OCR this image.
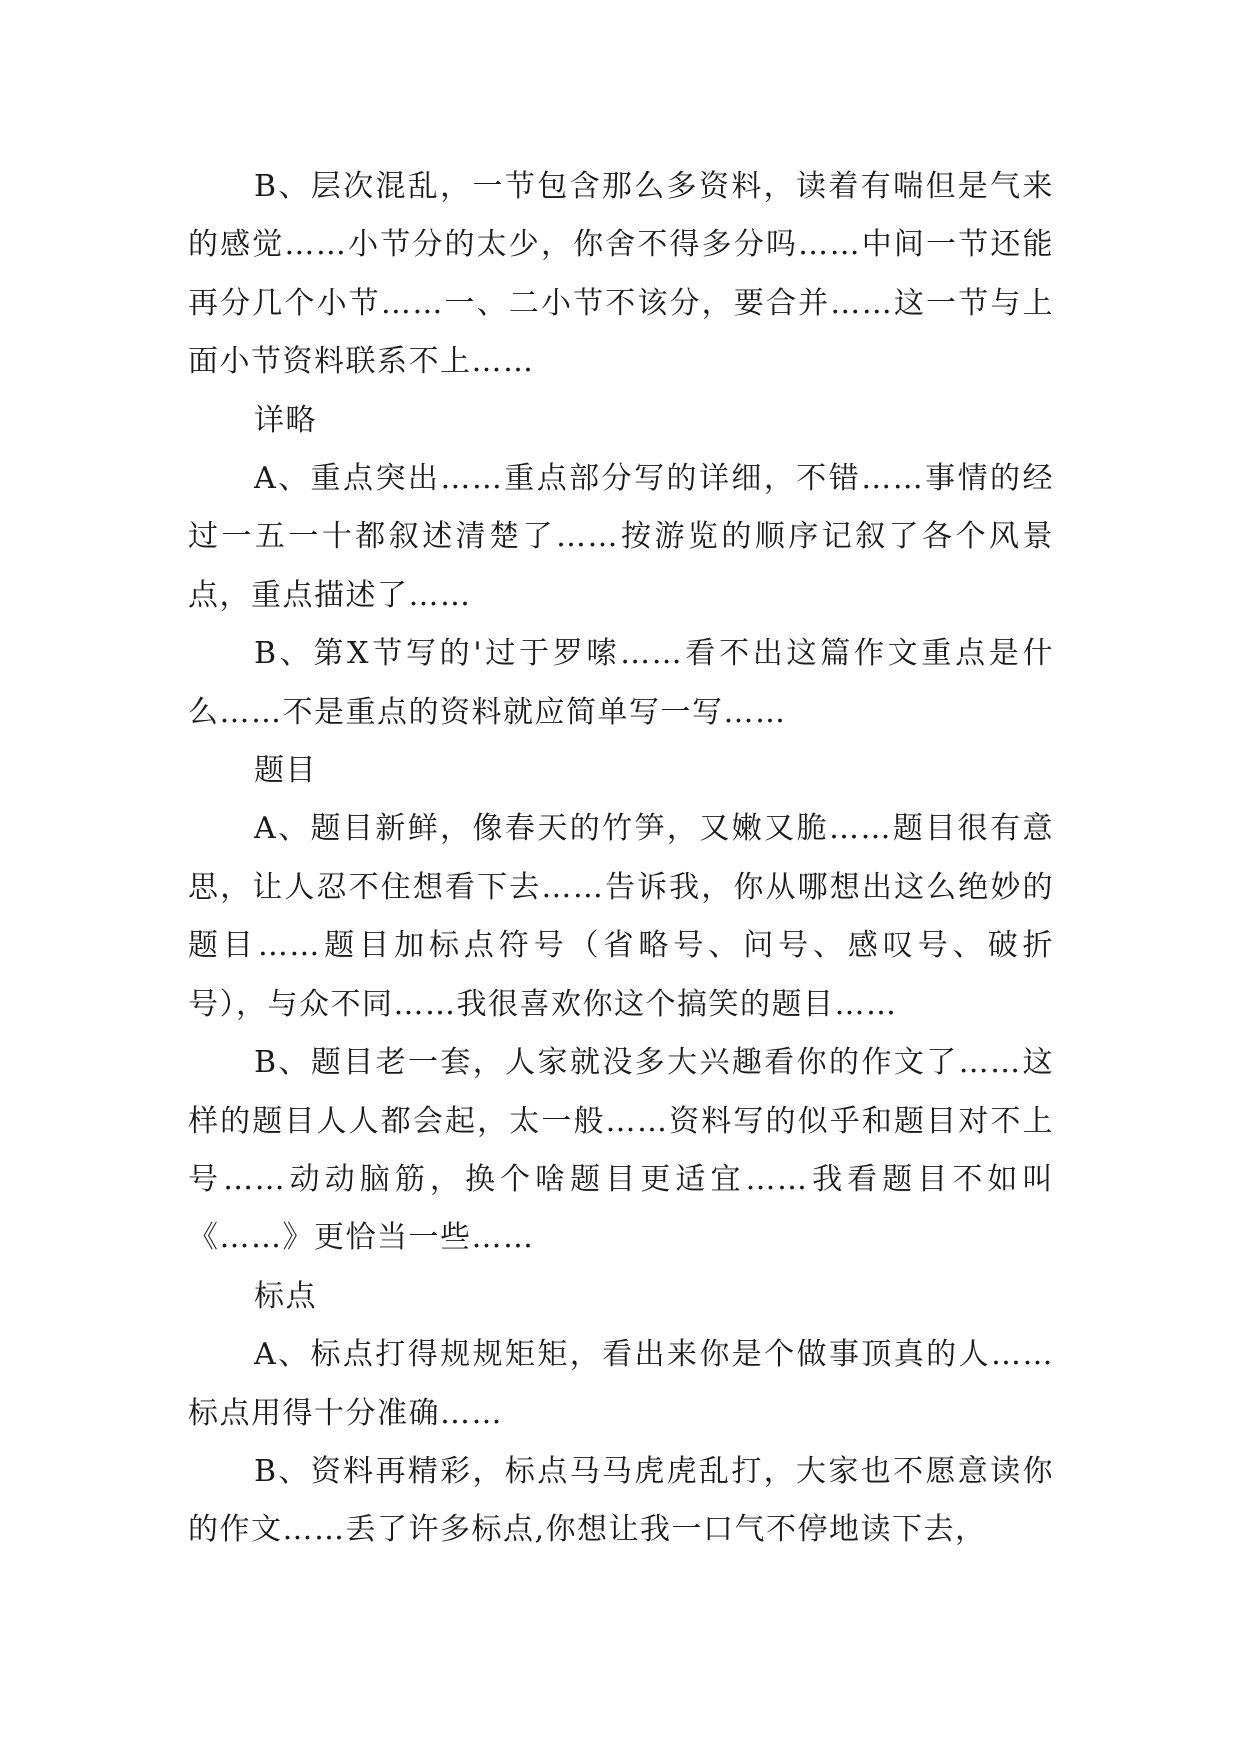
B、层次混乱，一节包含那么多资料，读着有喘但是气来的感觉……小节分的太少，你舍不得多分吗……中间一节还能再分几个小节……一、二小节不该分，要合并……这一节与上面小节资料联系不上……

详略

A、重点突出……重点部分写的详细，不错……事情的经过一五一十都叙述清楚了……按游览的顺序记叙了各个风景点，重点描述了……

B、第X节写的'过于罗嗦……看不出这篇作文重点是什么……不是重点的资料就应简单写一写……

题目

A、题目新鲜，像春天的竹笋，又嫩又脆……题目很有意思，让人忍不住想看下去……告诉我，你从哪想出这么绝妙的题目……题目加标点符号（省略号、问号、感叹号、破折号），与众不同……我很喜欢你这个搞笑的题目……

B、题目老一套，人家就没多大兴趣看你的作文了……这样的题目人人都会起，太一般……资料写的似乎和题目对不上号……动动脑筋，换个啥题目更适宜……我看题目不如叫《……》更恰当一些……

标点

A、标点打得规规矩矩，看出来你是个做事顶真的人……标点用得十分准确……

B、资料再精彩，标点马马虎虎乱打，大家也不愿意读你的作文……丢了许多标点,你想让我一口气不停地读下去，
